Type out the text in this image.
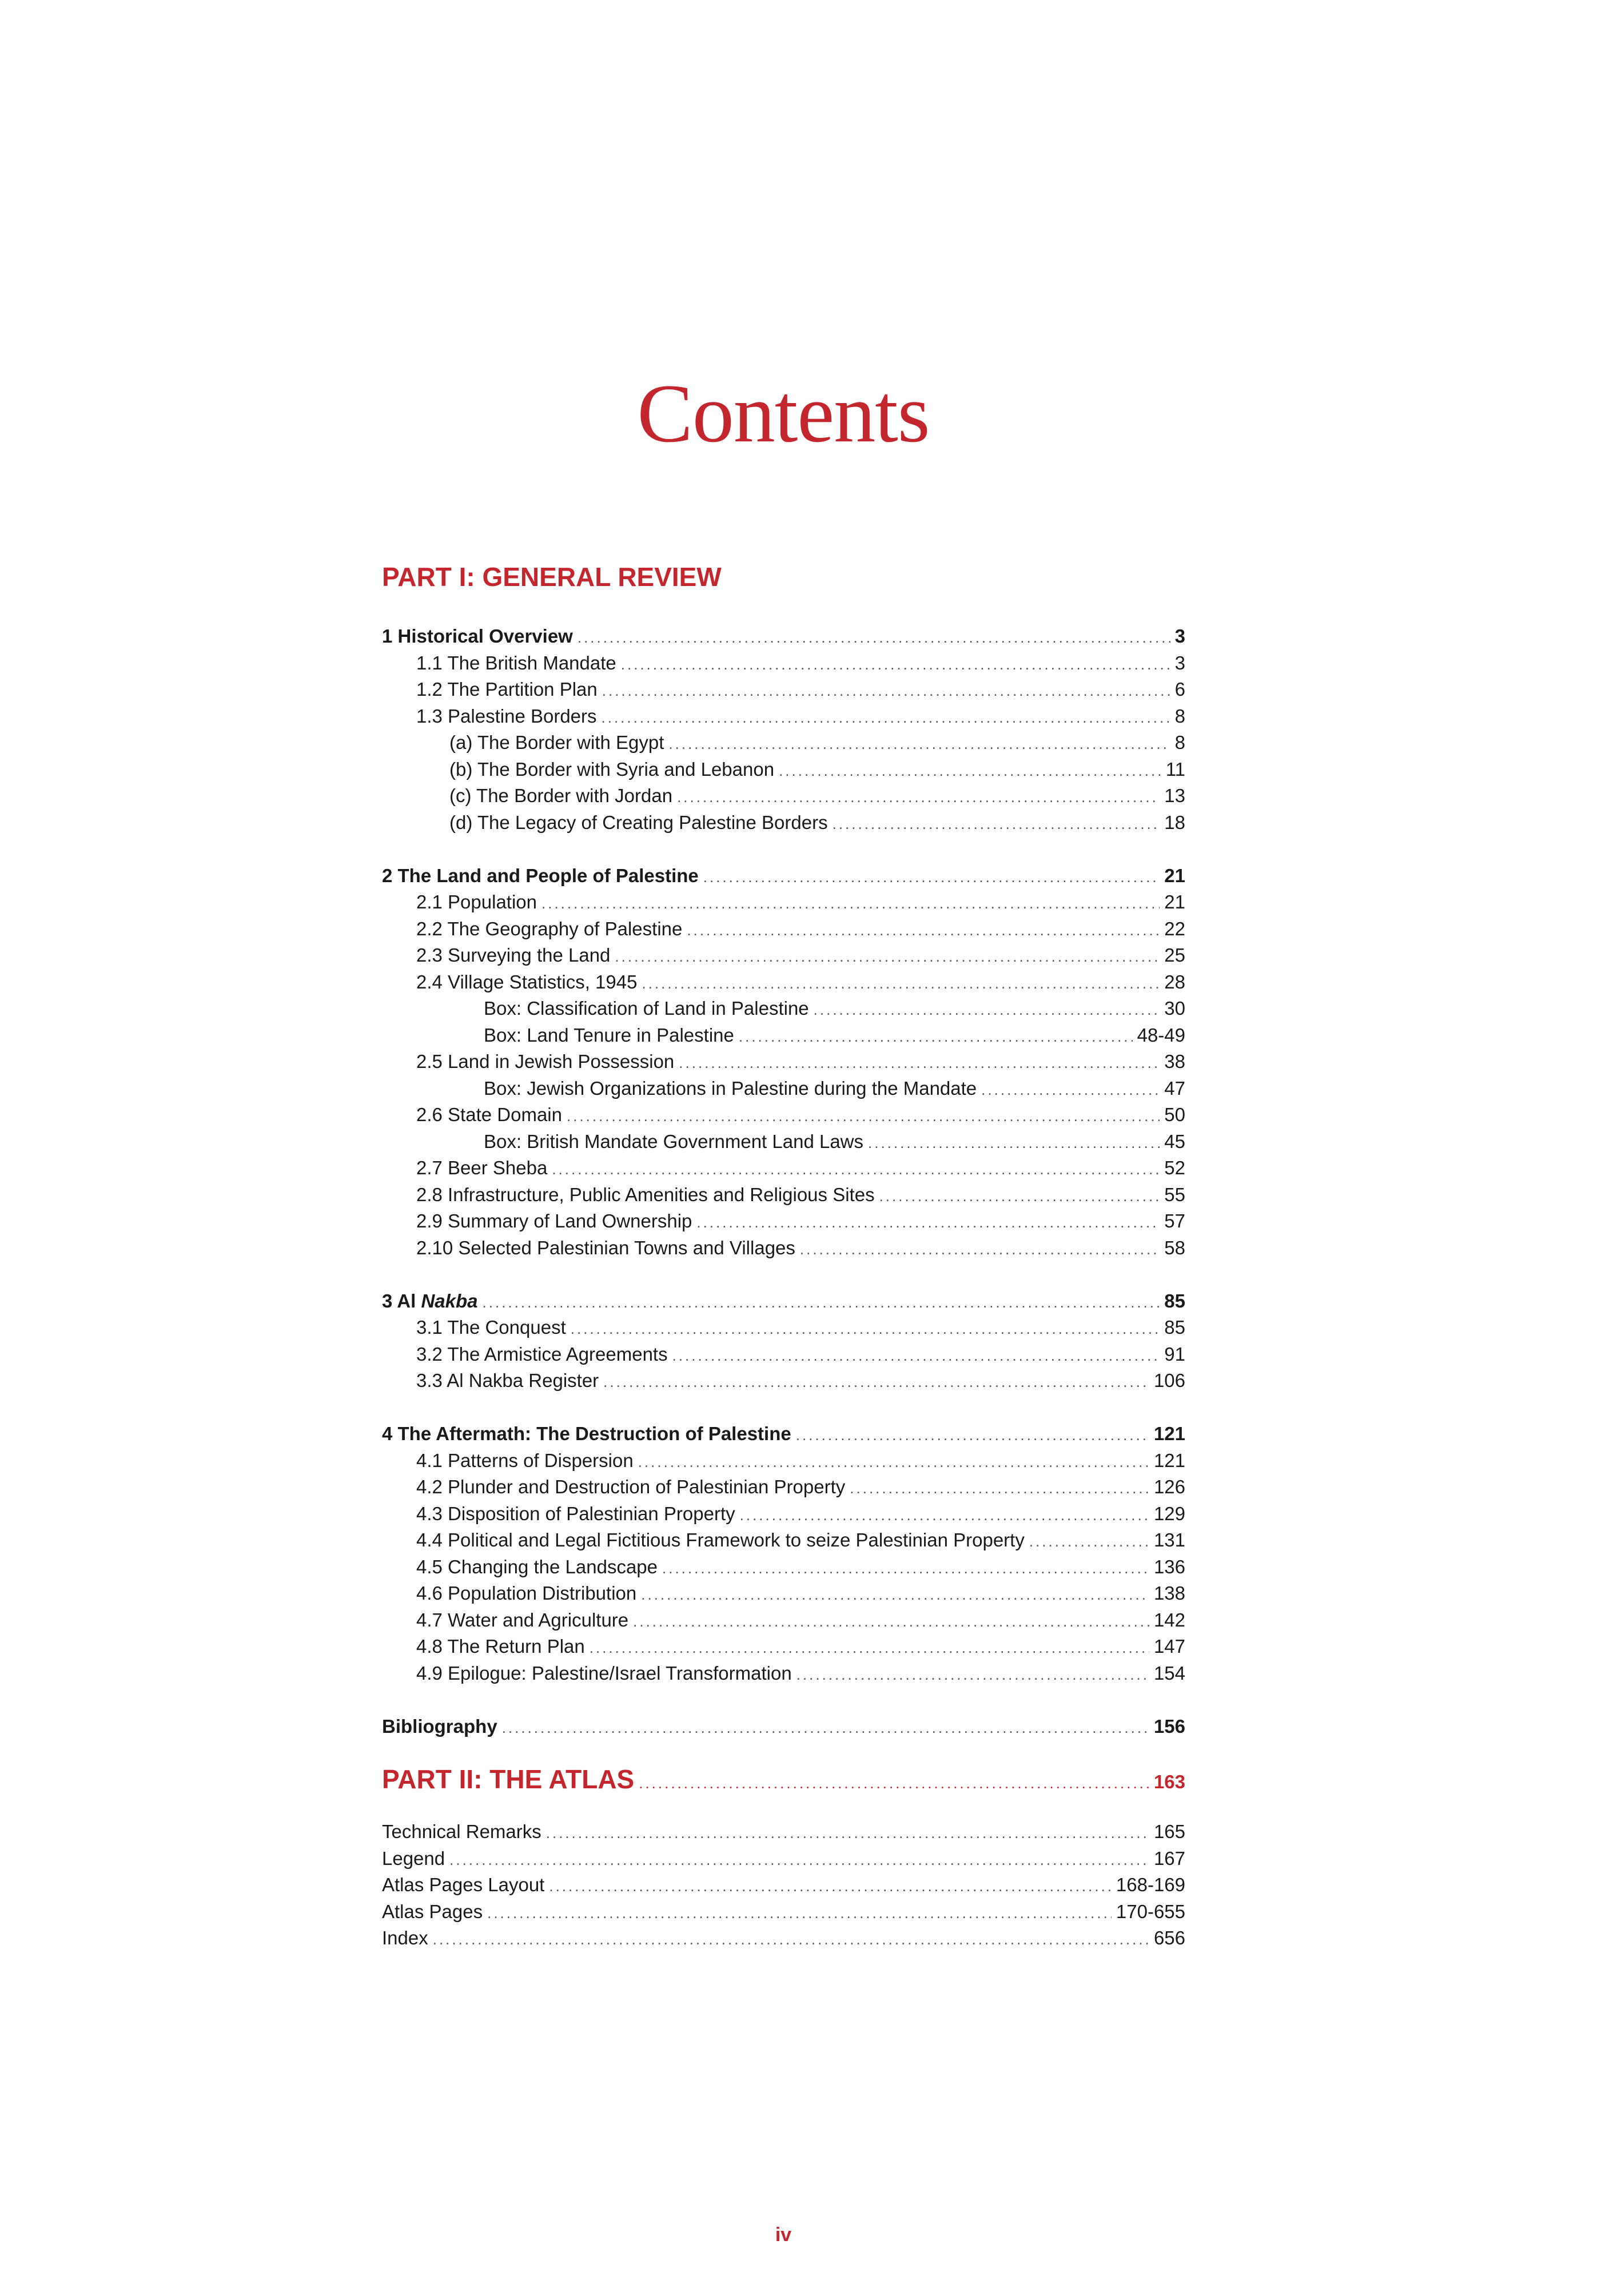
Contents
PART I: GENERAL REVIEW
1 Historical Overview .....	3
1.1 The British Mandate .....	3
1.2 The Partition Plan .....	6
1.3 Palestine Borders .....	8
(a) The Border with Egypt .....	8
(b) The Border with Syria and Lebanon .....	11
(c) The Border with Jordan .....	13
(d) The Legacy of Creating Palestine Borders .....	18
2 The Land and People of Palestine .....	21
2.1 Population .....	21
2.2 The Geography of Palestine .....	22
2.3 Surveying the Land .....	25
2.4 Village Statistics, 1945 .....	28
Box: Classification of Land in Palestine .....	30
Box: Land Tenure in Palestine .....	48-49
2.5 Land in Jewish Possession .....	38
Box: Jewish Organizations in Palestine during the Mandate .....	47
2.6 State Domain .....	50
Box: British Mandate Government Land Laws .....	45
2.7 Beer Sheba .....	52
2.8 Infrastructure, Public Amenities and Religious Sites .....	55
2.9 Summary of Land Ownership .....	57
2.10 Selected Palestinian Towns and Villages .....	58
3 Al Nakba .....	85
3.1 The Conquest .....	85
3.2 The Armistice Agreements .....	91
3.3 Al Nakba Register .....	106
4 The Aftermath: The Destruction of Palestine .....	121
4.1 Patterns of Dispersion .....	121
4.2 Plunder and Destruction of Palestinian Property .....	126
4.3 Disposition of Palestinian Property .....	129
4.4 Political and Legal Fictitious Framework to seize Palestinian Property .....	131
4.5 Changing the Landscape .....	136
4.6 Population Distribution .....	138
4.7 Water and Agriculture .....	142
4.8 The Return Plan .....	147
4.9 Epilogue: Palestine/Israel Transformation .....	154
Bibliography .....	156
PART II: THE ATLAS .....	163
Technical Remarks .....	165
Legend .....	167
Atlas Pages Layout .....	168-169
Atlas Pages .....	170-655
Index .....	656
iv
